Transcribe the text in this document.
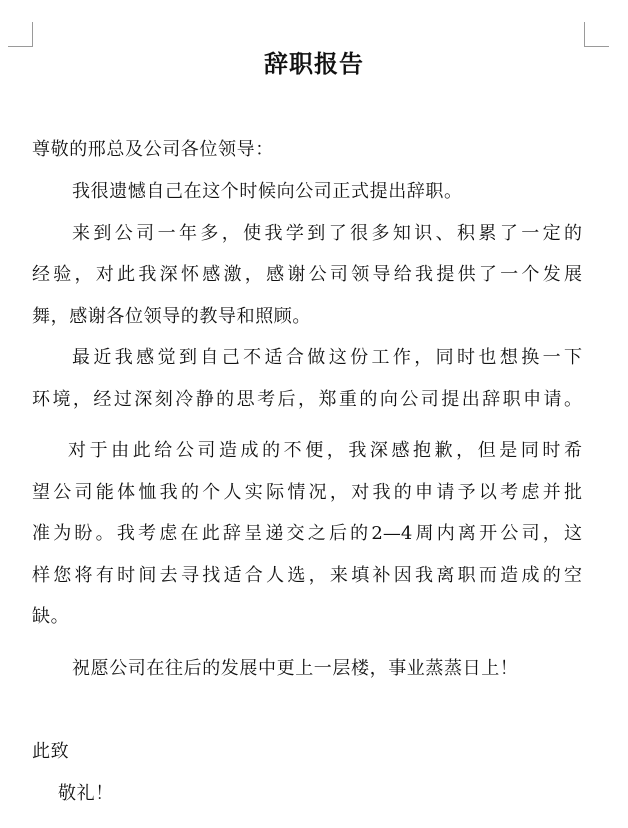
辞职报告
尊敬的邢总及公司各位领导：
我很遗憾自己在这个时候向公司正式提出辞职。
来到公司一年多，使我学到了很多知识、积累了一定的
经验，对此我深怀感激，感谢公司领导给我提供了一个发展
舞，感谢各位领导的教导和照顾。
最近我感觉到自己不适合做这份工作，同时也想换一下
环境，经过深刻冷静的思考后，郑重的向公司提出辞职申请。
对于由此给公司造成的不便，我深感抱歉，但是同时希
望公司能体恤我的个人实际情况，对我的申请予以考虑并批
准为盼。我考虑在此辞呈递交之后的2—4周内离开公司，这
样您将有时间去寻找适合人选，来填补因我离职而造成的空
缺。
祝愿公司在往后的发展中更上一层楼，事业蒸蒸日上！
此致
敬礼！
